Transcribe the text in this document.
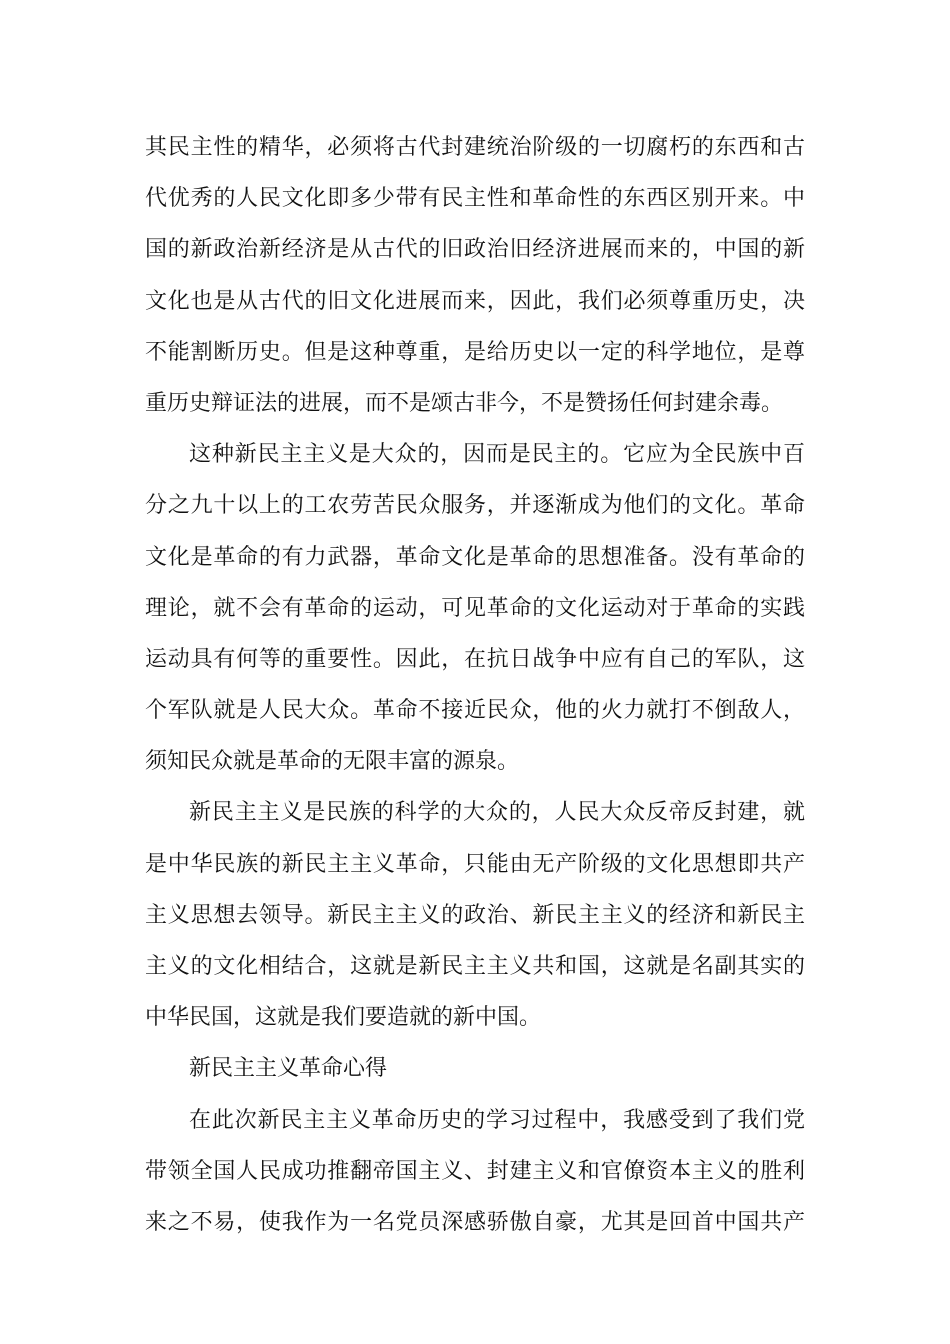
其民主性的精华，必须将古代封建统治阶级的一切腐朽的东西和古
代优秀的人民文化即多少带有民主性和革命性的东西区别开来。中
国的新政治新经济是从古代的旧政治旧经济进展而来的，中国的新
文化也是从古代的旧文化进展而来，因此，我们必须尊重历史，决
不能割断历史。但是这种尊重，是给历史以一定的科学地位，是尊
重历史辩证法的进展，而不是颂古非今，不是赞扬任何封建余毒。
这种新民主主义是大众的，因而是民主的。它应为全民族中百
分之九十以上的工农劳苦民众服务，并逐渐成为他们的文化。革命
文化是革命的有力武器，革命文化是革命的思想准备。没有革命的
理论，就不会有革命的运动，可见革命的文化运动对于革命的实践
运动具有何等的重要性。因此，在抗日战争中应有自己的军队，这
个军队就是人民大众。革命不接近民众，他的火力就打不倒敌人，
须知民众就是革命的无限丰富的源泉。
新民主主义是民族的科学的大众的，人民大众反帝反封建，就
是中华民族的新民主主义革命，只能由无产阶级的文化思想即共产
主义思想去领导。新民主主义的政治、新民主主义的经济和新民主
主义的文化相结合，这就是新民主主义共和国，这就是名副其实的
中华民国，这就是我们要造就的新中国。
新民主主义革命心得
在此次新民主主义革命历史的学习过程中，我感受到了我们党
带领全国人民成功推翻帝国主义、封建主义和官僚资本主义的胜利
来之不易，使我作为一名党员深感骄傲自豪，尤其是回首中国共产
